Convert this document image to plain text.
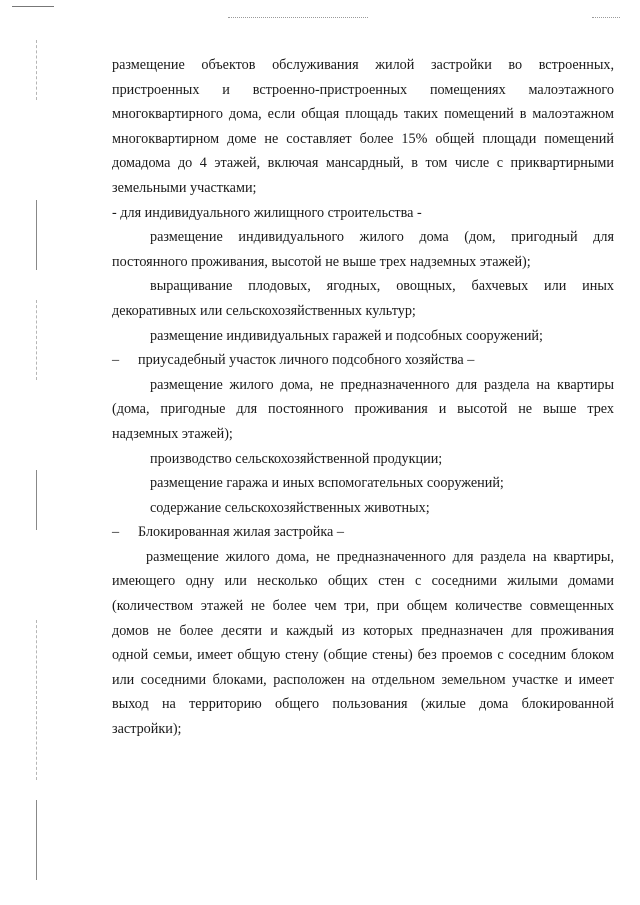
размещение объектов обслуживания жилой застройки во встроенных,

пристроенных и встроенно-пристроенных помещениях малоэтажного

многоквартирного дома, если общая площадь таких помещений в малоэтажном

многоквартирном доме не составляет более 15% общей площади помещений

домадома до 4 этажей, включая мансардный, в том числе с приквартирными

земельными участками;

- для индивидуального жилищного строительства -

размещение индивидуального жилого дома (дом, пригодный для

постоянного проживания, высотой не выше трех надземных этажей);

выращивание плодовых, ягодных, овощных, бахчевых или иных

декоративных или сельскохозяйственных культур;

размещение индивидуальных гаражей и подсобных сооружений;

– приусадебный участок личного подсобного хозяйства –

размещение жилого дома, не предназначенного для раздела на квартиры

(дома, пригодные для постоянного проживания и высотой не выше трех

надземных этажей);

производство сельскохозяйственной продукции;

размещение гаража и иных вспомогательных сооружений;

содержание сельскохозяйственных животных;

– Блокированная жилая застройка –

размещение жилого дома, не предназначенного для раздела на квартиры,

имеющего одну или несколько общих стен с соседними жилыми домами

(количеством этажей не более чем три, при общем количестве совмещенных

домов не более десяти и каждый из которых предназначен для проживания

одной семьи, имеет общую стену (общие стены) без проемов с соседним блоком

или соседними блоками, расположен на отдельном земельном участке и имеет

выход на территорию общего пользования (жилые дома блокированной

застройки);
